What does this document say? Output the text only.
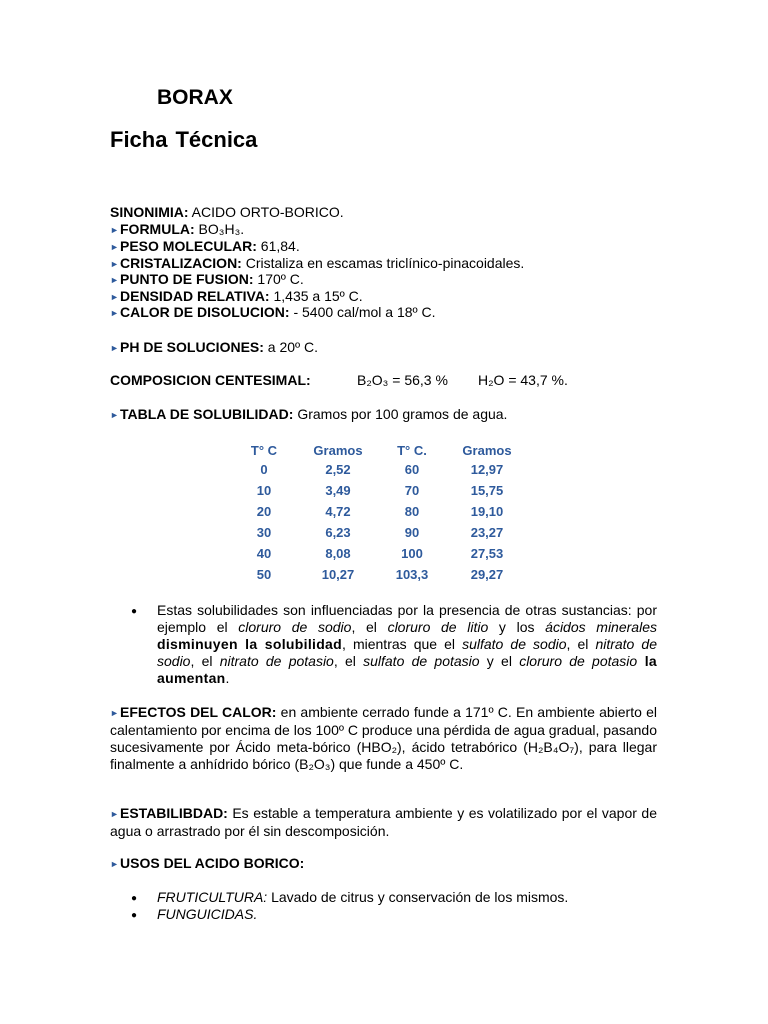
BORAX
Ficha Técnica
SINONIMIA: ACIDO ORTO-BORICO.
►FORMULA: BO₃H₃.
►PESO MOLECULAR: 61,84.
►CRISTALIZACION: Cristaliza en escamas triclínico-pinacoidales.
►PUNTO DE FUSION: 170º C.
►DENSIDAD RELATIVA: 1,435 a 15º C.
►CALOR DE DISOLUCION: - 5400 cal/mol a 18º C.
►PH DE SOLUCIONES: a 20º C.
COMPOSICION CENTESIMAL:	B₂O₃ = 56,3 % H₂O = 43,7 %.
►TABLA DE SOLUBILIDAD: Gramos por 100 gramos de agua.
T° C	Gramos	T° C.	Gramos
0	2,52	60	12,97
10	3,49	70	15,75
20	4,72	80	19,10
30	6,23	90	23,27
40	8,08	100	27,53
50	10,27	103,3	29,27
● Estas solubilidades son influenciadas por la presencia de otras sustancias: por ejemplo el cloruro de sodio, el cloruro de litio y los ácidos minerales disminuyen la solubilidad, mientras que el sulfato de sodio, el nitrato de sodio, el nitrato de potasio, el sulfato de potasio y el cloruro de potasio la aumentan.
►EFECTOS DEL CALOR: en ambiente cerrado funde a 171º C. En ambiente abierto el calentamiento por encima de los 100º C produce una pérdida de agua gradual, pasando sucesivamente por Ácido meta-bórico (HBO₂), ácido tetrabórico (H₂B₄O₇), para llegar finalmente a anhídrido bórico (B₂O₃) que funde a 450º C.
►ESTABILIBDAD: Es estable a temperatura ambiente y es volatilizado por el vapor de agua o arrastrado por él sin descomposición.
►USOS DEL ACIDO BORICO:
● FRUTICULTURA: Lavado de citrus y conservación de los mismos.
● FUNGUICIDAS.
